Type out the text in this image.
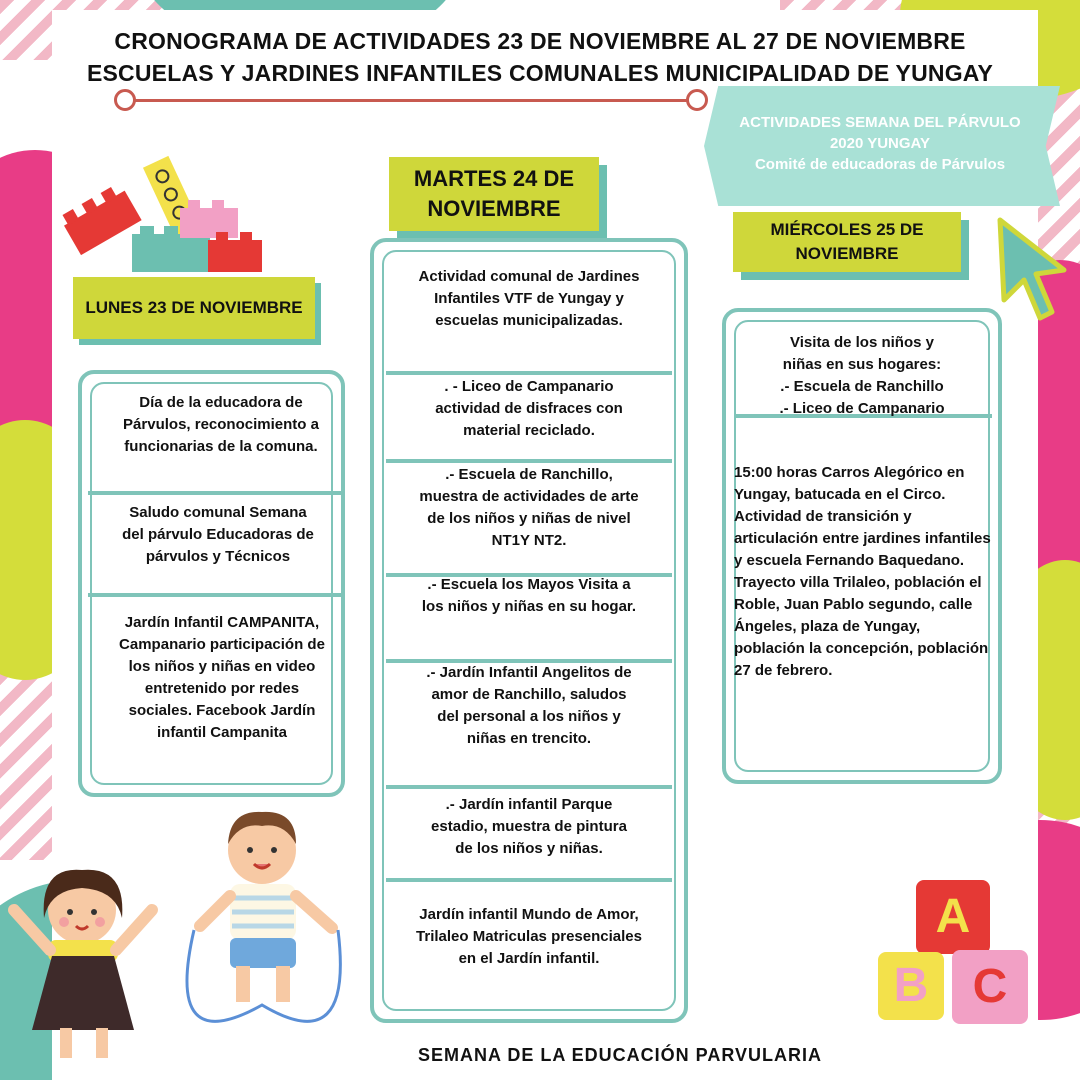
CRONOGRAMA DE ACTIVIDADES 23 DE NOVIEMBRE AL 27 DE NOVIEMBRE
ESCUELAS Y JARDINES INFANTILES COMUNALES MUNICIPALIDAD DE YUNGAY
ACTIVIDADES SEMANA DEL PÁRVULO
2020 YUNGAY
Comité de educadoras de Párvulos
LUNES 23 DE NOVIEMBRE
Día de la educadora de Párvulos, reconocimiento a funcionarias de la comuna.
Saludo comunal Semana del párvulo Educadoras de párvulos y Técnicos
Jardín Infantil CAMPANITA, Campanario participación de los niños y niñas en video entretenido por redes sociales. Facebook Jardín infantil Campanita
MARTES 24 DE
NOVIEMBRE
Actividad comunal de Jardines Infantiles VTF de Yungay y escuelas municipalizadas.
. - Liceo de Campanario actividad de disfraces con material reciclado.
.- Escuela de Ranchillo, muestra de actividades de arte de los niños y niñas de nivel NT1Y NT2.
.- Escuela los Mayos Visita a los niños y niñas en su hogar.
.- Jardín Infantil Angelitos de amor de Ranchillo, saludos del personal a los niños y niñas en trencito.
.- Jardín infantil Parque estadio, muestra de pintura de los niños y niñas.
Jardín infantil Mundo de Amor, Trilaleo Matriculas presenciales en el Jardín infantil.
MIÉRCOLES 25 DE
NOVIEMBRE
Visita de los niños y
niñas en sus hogares:
.- Escuela de Ranchillo
.- Liceo de Campanario
15:00 horas Carros Alegórico en Yungay, batucada en el Circo. Actividad de transición y articulación entre jardines infantiles y escuela Fernando Baquedano. Trayecto villa Trilaleo, población el Roble, Juan Pablo segundo, calle Ángeles, plaza de Yungay, población la concepción, población 27 de febrero.
A
B C
SEMANA DE LA EDUCACIÓN PARVULARIA
